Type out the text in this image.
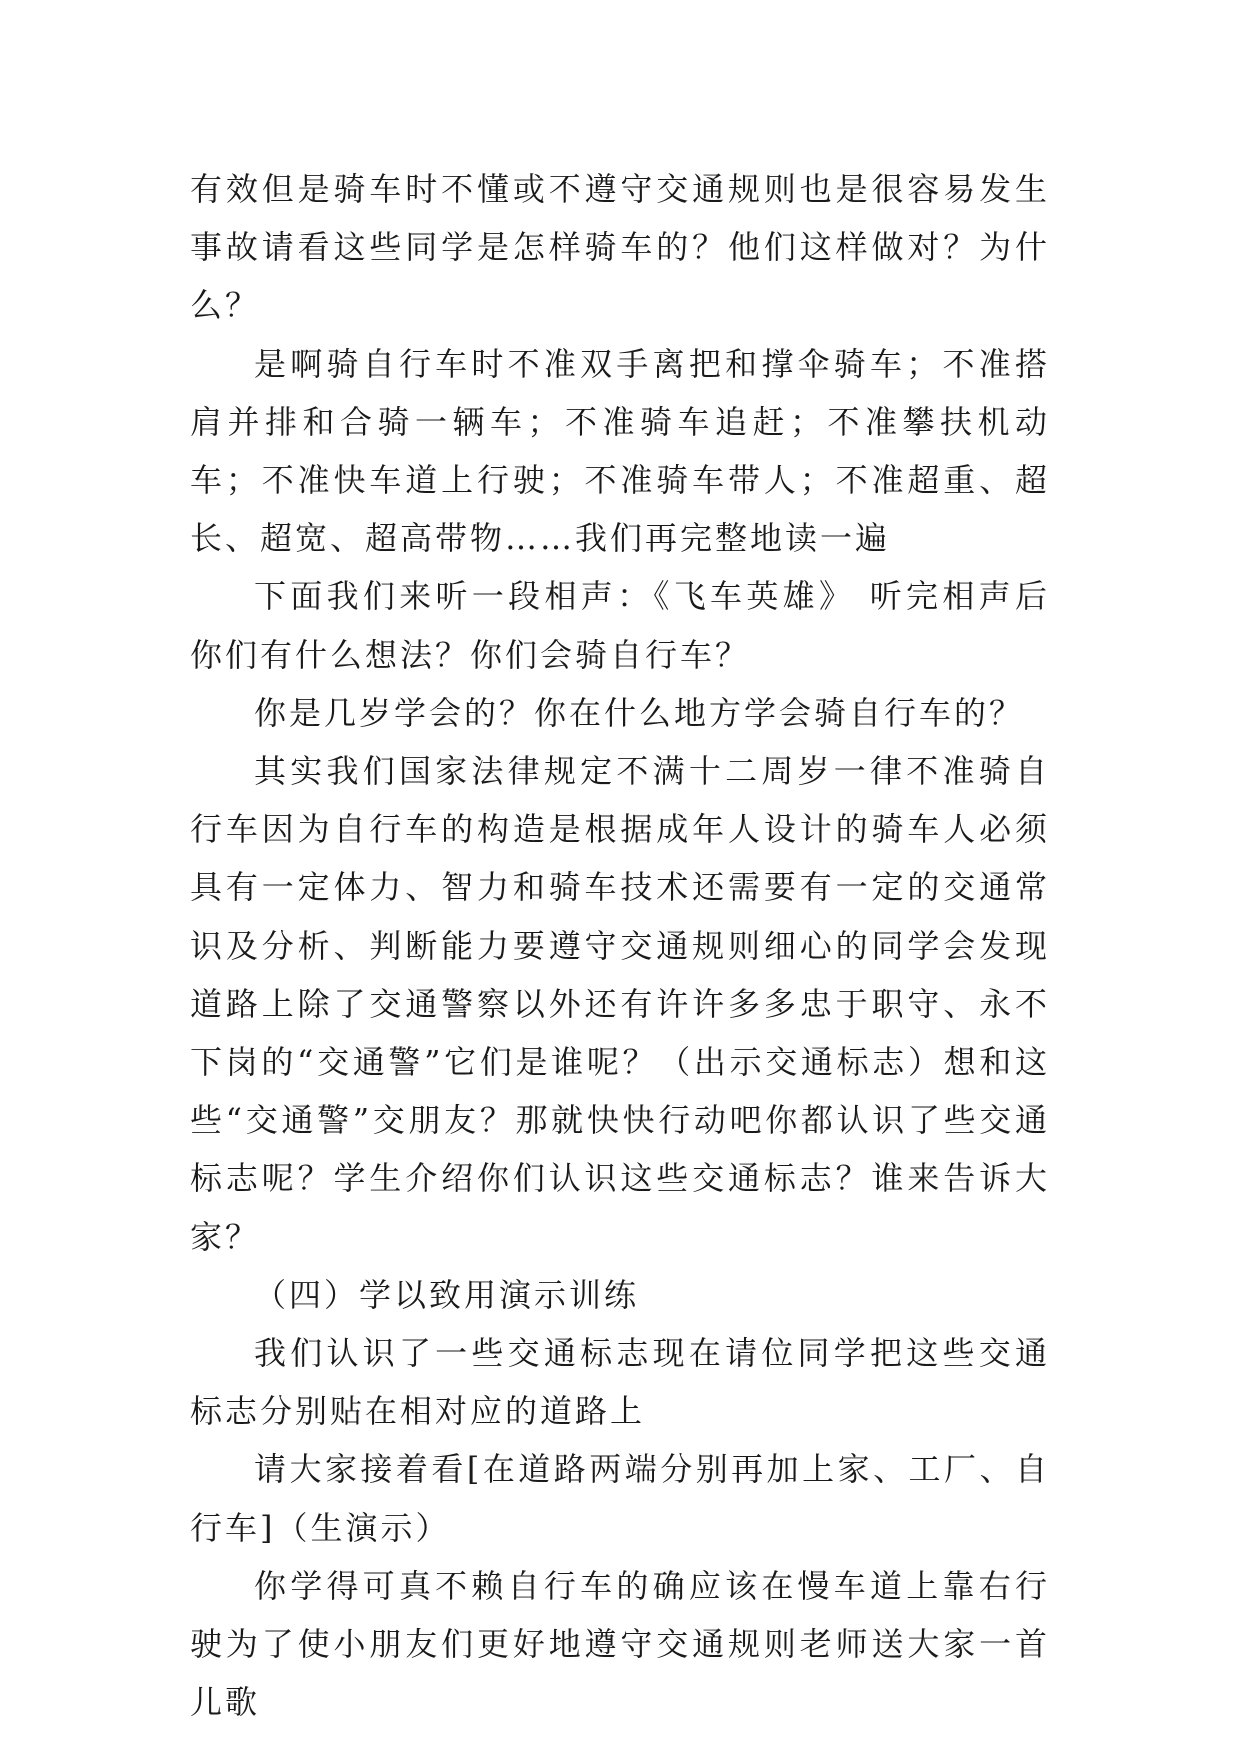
有效但是骑车时不懂或不遵守交通规则也是很容易发生事故请看这些同学是怎样骑车的？他们这样做对？为什么？

是啊骑自行车时不准双手离把和撑伞骑车；不准搭肩并排和合骑一辆车；不准骑车追赶；不准攀扶机动车；不准快车道上行驶；不准骑车带人；不准超重、超长、超宽、超高带物……我们再完整地读一遍

下面我们来听一段相声：《飞车英雄》 听完相声后你们有什么想法？你们会骑自行车？

你是几岁学会的？你在什么地方学会骑自行车的？

其实我们国家法律规定不满十二周岁一律不准骑自行车因为自行车的构造是根据成年人设计的骑车人必须具有一定体力、智力和骑车技术还需要有一定的交通常识及分析、判断能力要遵守交通规则细心的同学会发现道路上除了交通警察以外还有许许多多忠于职守、永不下岗的“交通警”它们是谁呢？（出示交通标志）想和这些“交通警”交朋友？那就快快行动吧你都认识了些交通标志呢？学生介绍你们认识这些交通标志？谁来告诉大家？

（四）学以致用演示训练

我们认识了一些交通标志现在请位同学把这些交通标志分别贴在相对应的道路上

请大家接着看[在道路两端分别再加上家、工厂、自行车]（生演示）

你学得可真不赖自行车的确应该在慢车道上靠右行驶为了使小朋友们更好地遵守交通规则老师送大家一首儿歌
